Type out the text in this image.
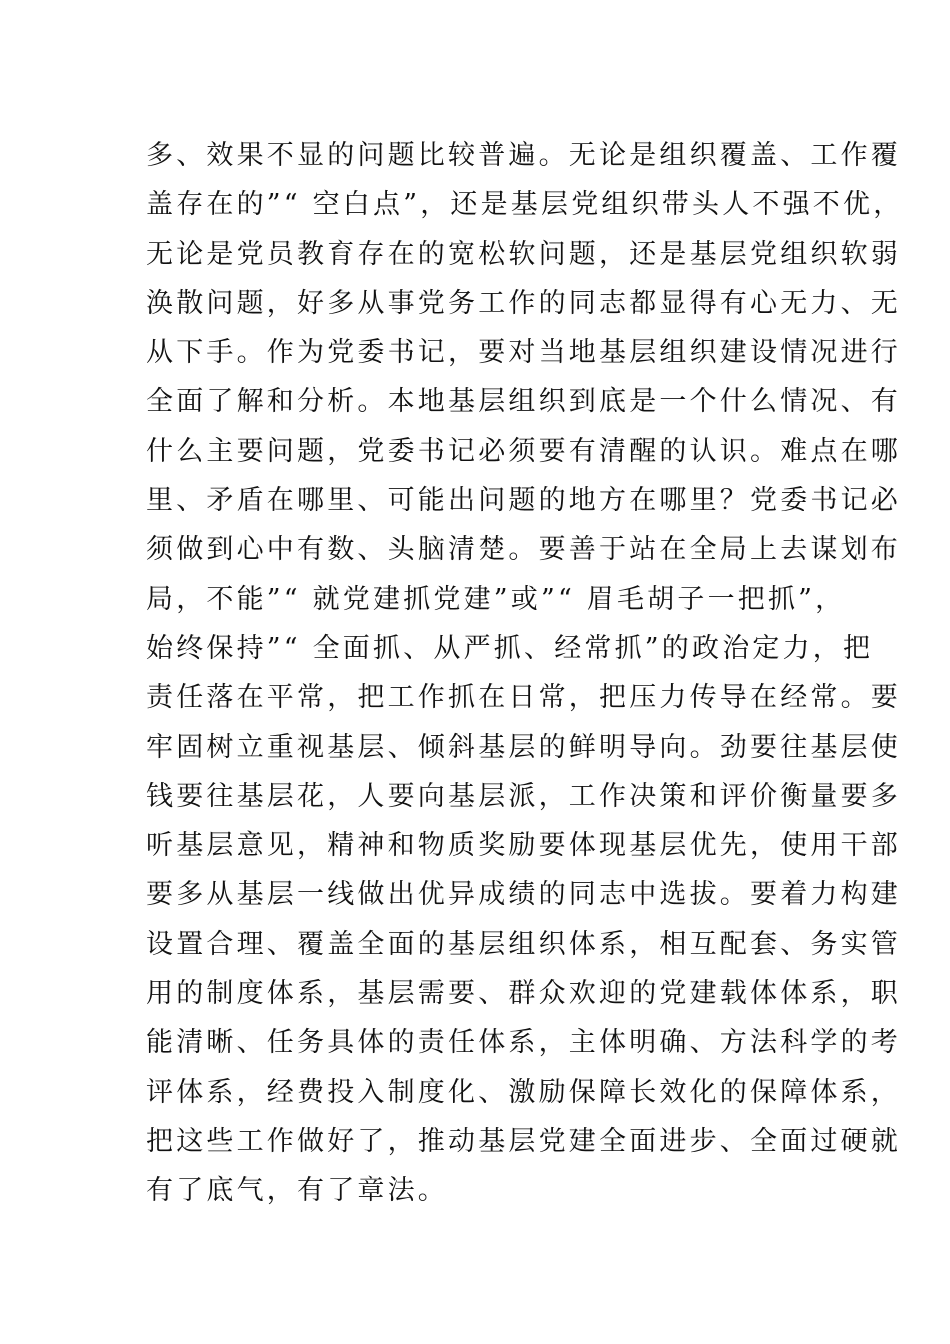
多、效果不显的问题比较普遍。无论是组织覆盖、工作覆
盖存在的”“ 空白点”，还是基层党组织带头人不强不优，
无论是党员教育存在的宽松软问题，还是基层党组织软弱
涣散问题，好多从事党务工作的同志都显得有心无力、无
从下手。作为党委书记，要对当地基层组织建设情况进行
全面了解和分析。本地基层组织到底是一个什么情况、有
什么主要问题，党委书记必须要有清醒的认识。难点在哪
里、矛盾在哪里、可能出问题的地方在哪里？党委书记必
须做到心中有数、头脑清楚。要善于站在全局上去谋划布
局，不能”“ 就党建抓党建”或”“ 眉毛胡子一把抓”，
始终保持”“ 全面抓、从严抓、经常抓”的政治定力，把
责任落在平常，把工作抓在日常，把压力传导在经常。要
牢固树立重视基层、倾斜基层的鲜明导向。劲要往基层使
钱要往基层花，人要向基层派，工作决策和评价衡量要多
听基层意见，精神和物质奖励要体现基层优先，使用干部
要多从基层一线做出优异成绩的同志中选拔。要着力构建
设置合理、覆盖全面的基层组织体系，相互配套、务实管
用的制度体系，基层需要、群众欢迎的党建载体体系，职
能清晰、任务具体的责任体系，主体明确、方法科学的考
评体系，经费投入制度化、激励保障长效化的保障体系，
把这些工作做好了，推动基层党建全面进步、全面过硬就
有了底气，有了章法。
